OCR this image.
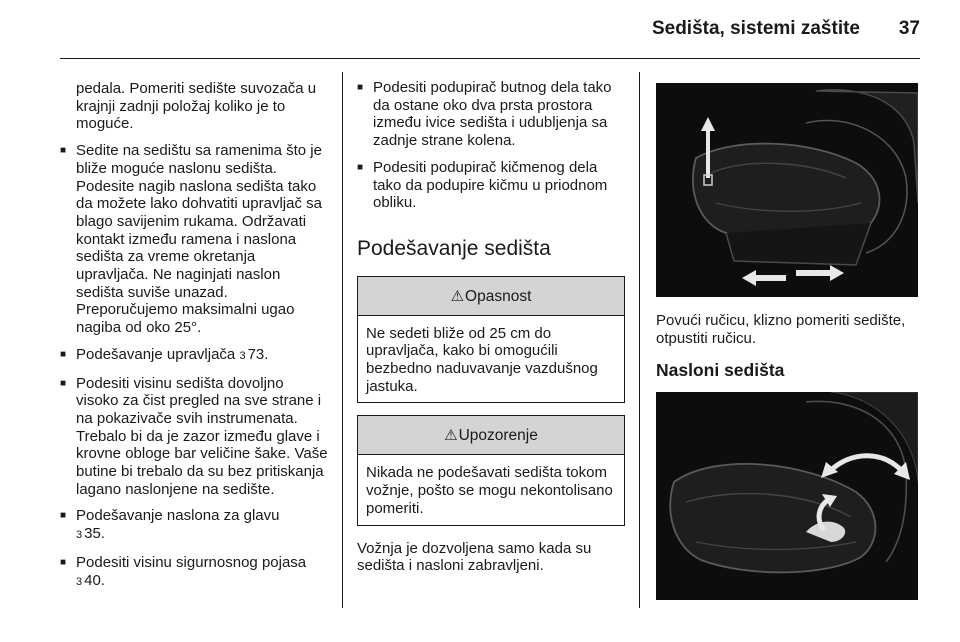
Sedišta, sistemi zaštite	37

pedala. Pomeriti sedište suvozača u krajnji zadnji položaj koliko je to moguće.

■ Sedite na sedištu sa ramenima što je bliže moguće naslonu sedišta. Podesite nagib naslona sedišta tako da možete lako dohvatiti upravljač sa blago savijenim rukama. Održavati kontakt između ramena i naslona sedišta za vreme okretanja upravljača. Ne naginjati naslon sedišta suviše unazad. Preporučujemo maksimalni ugao nagiba od oko 25°.

■ Podešavanje upravljača 3 73.

■ Podesiti visinu sedišta dovoljno visoko za čist pregled na sve strane i na pokazivače svih instrumenata. Trebalo bi da je zazor između glave i krovne obloge bar veličine šake. Vaše butine bi trebalo da su bez pritiskanja lagano naslonjene na sedište.

■ Podešavanje naslona za glavu
3 35.

■ Podesiti visinu sigurnosnog pojasa
3 40.

■ Podesiti podupirač butnog dela tako da ostane oko dva prsta prostora između ivice sedišta i udubljenja sa zadnje strane kolena.

■ Podesiti podupirač kičmenog dela tako da podupire kičmu u priodnom obliku.

Podešavanje sedišta
⚠Opasnost
Ne sedeti bliže od 25 cm do upravljača, kako bi omogućili bezbedno naduvavanje vazdušnog jastuka.
⚠Upozorenje
Nikada ne podešavati sedišta tokom vožnje, pošto se mogu nekontolisano pomeriti.

Vožnja je dozvoljena samo kada su sedišta i nasloni zabravljeni.

Povući ručicu, klizno pomeriti sedište, otpustiti ručicu.

Nasloni sedišta
